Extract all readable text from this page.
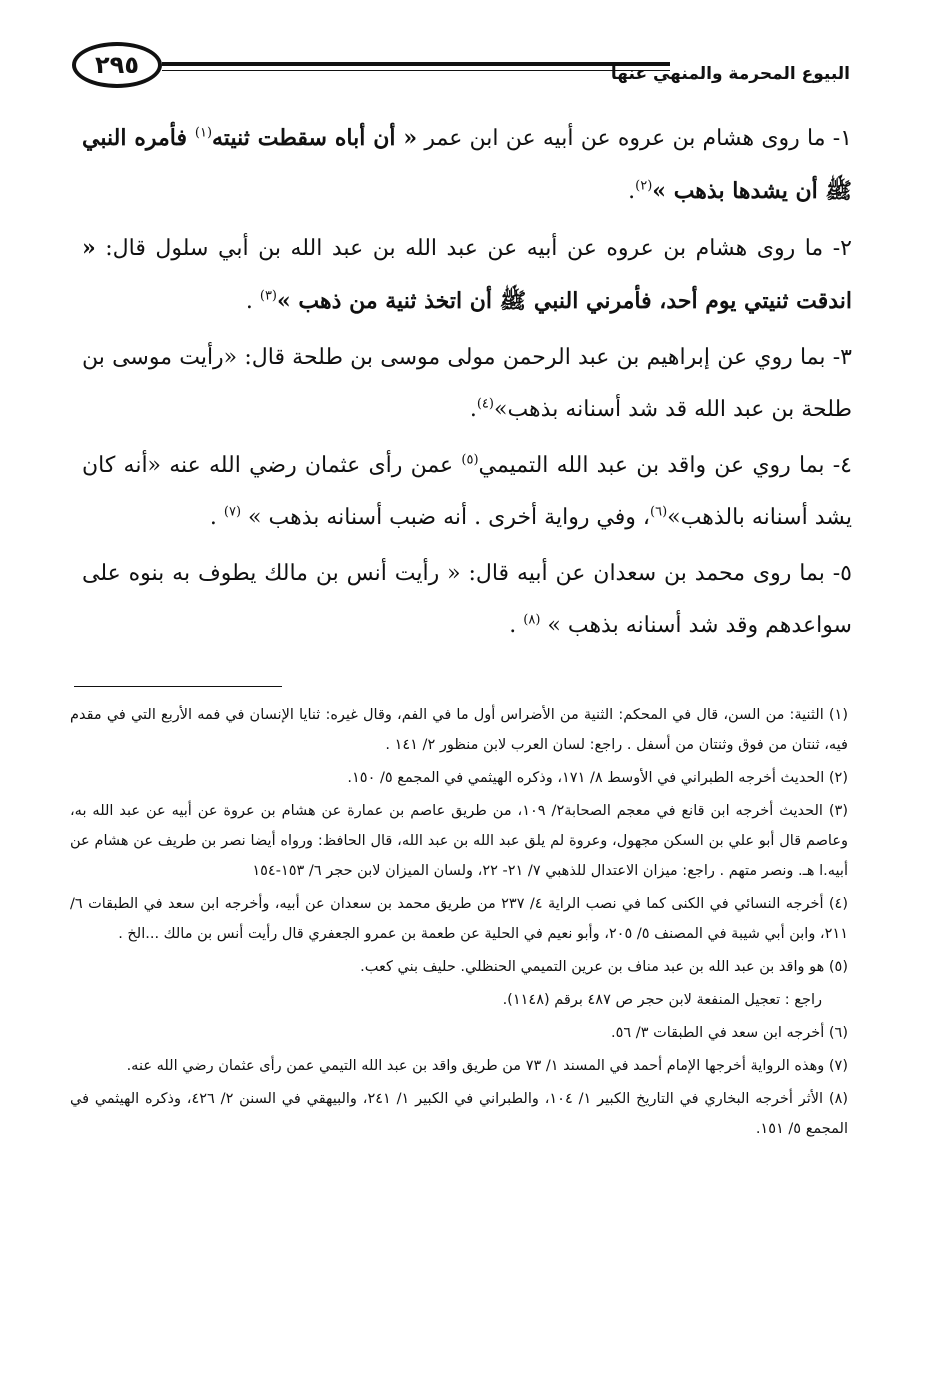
٢٩٥	البيوع المحرمة والمنهي عنها

١- ما روى هشام بن عروه عن أبيه عن ابن عمر « أن أباه سقطت ثنيته$^{(١)}$ فأمره النبي ﷺ أن يشدها بذهب »$^{(٢)}$.

٢- ما روى هشام بن عروه عن أبيه عن عبد الله بن عبد الله بن أبي سلول قال: « اندقت ثنيتي يوم أحد، فأمرني النبي ﷺ أن اتخذ ثنية من ذهب »$^{(٣)}$ .

٣- بما روي عن إبراهيم بن عبد الرحمن مولى موسى بن طلحة قال: «رأيت موسى بن طلحة بن عبد الله قد شد أسنانه بذهب»$^{(٤)}$.

٤- بما روي عن واقد بن عبد الله التميمي$^{(٥)}$ عمن رأى عثمان رضي الله عنه «أنه كان يشد أسنانه بالذهب»$^{(٦)}$، وفي رواية أخرى . أنه ضبب أسنانه بذهب » $^{(٧)}$ .

٥- بما روى محمد بن سعدان عن أبيه قال: « رأيت أنس بن مالك يطوف به بنوه على سواعدهم وقد شد أسنانه بذهب » $^{(٨)}$ .

(١) الثنية: من السن، قال في المحكم: الثنية من الأضراس أول ما في الفم، وقال غيره: ثنايا الإنسان في فمه الأربع التي في مقدم فيه، ثنتان من فوق وثنتان من أسفل . راجع: لسان العرب لابن منظور ٢/ ١٤١ .

(٢) الحديث أخرجه الطبراني في الأوسط ٨/ ١٧١، وذكره الهيثمي في المجمع ٥/ ١٥٠.

(٣) الحديث أخرجه ابن قانع في معجم الصحابة٢/ ١٠٩، من طريق عاصم بن عمارة عن هشام بن عروة عن أبيه عن عبد الله به، وعاصم قال أبو علي بن السكن مجهول، وعروة لم يلق عبد الله بن عبد الله، قال الحافظ: ورواه أيضا نصر بن طريف عن هشام عن أبيه.ا هـ. ونصر متهم . راجع: ميزان الاعتدال للذهبي ٧/ ٢١- ٢٢، ولسان الميزان لابن حجر ٦/ ١٥٣-١٥٤

(٤) أخرجه النسائي في الكنى كما في نصب الراية ٤/ ٢٣٧ من طريق محمد بن سعدان عن أبيه، وأخرجه ابن سعد في الطبقات ٦/ ٢١١، وابن أبي شيبة في المصنف ٥/ ٢٠٥، وأبو نعيم في الحلية عن طعمة بن عمرو الجعفري قال رأيت أنس بن مالك ...الخ .

(٥) هو واقد بن عبد الله بن عبد مناف بن عرين التميمي الحنظلي. حليف بني كعب.

راجع : تعجيل المنفعة لابن حجر ص ٤٨٧ برقم (١١٤٨).

(٦) أخرجه ابن سعد في الطبقات ٣/ ٥٦.

(٧) وهذه الرواية أخرجها الإمام أحمد في المسند ١/ ٧٣ من طريق واقد بن عبد الله التيمي عمن رأى عثمان رضي الله عنه.

(٨) الأثر أخرجه البخاري في التاريخ الكبير ١/ ١٠٤، والطبراني في الكبير ١/ ٢٤١، والبيهقي في السنن ٢/ ٤٢٦، وذكره الهيثمي في المجمع ٥/ ١٥١.
